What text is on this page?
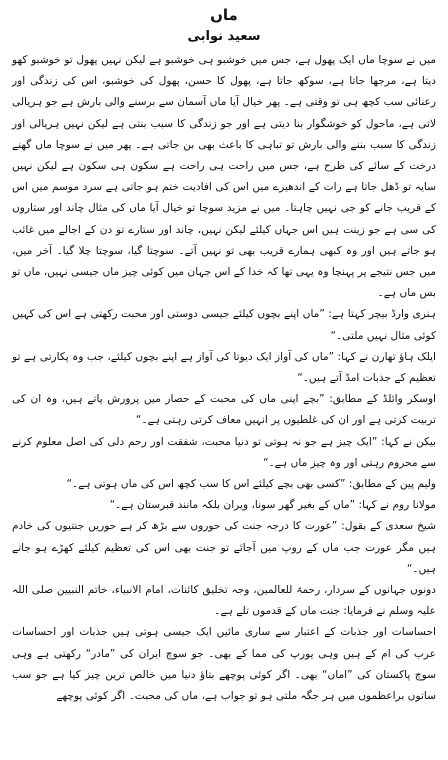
ماں
سعید نوابی

میں نے سوچا ماں ایک پھول ہے، جس میں خوشبو ہی خوشبو ہے لیکن نہیں پھول تو خوشبو کھو دیتا ہے، مرجھا جاتا ہے، سوکھ جاتا ہے، پھول کا حسن، پھول کی خوشبو، اس کی زندگی اور رعنائی سب کچھ ہی تو وقتی ہے۔ پھر خیال آیا ماں آسمان سے برسنے والی بارش ہے جو ہریالی لاتی ہے، ماحول کو خوشگوار بنا دیتی ہے اور جو زندگی کا سبب بنتی ہے لیکن نہیں ہریالی اور زندگی کا سبب بننے والی بارش تو تباہی کا باعث بھی بن جاتی ہے۔ پھر میں نے سوچا ماں گھنے درخت کے سائے کی طرح ہے، جس میں راحت ہی راحت ہے سکون ہی سکون ہے لیکن نہیں سایہ تو ڈھل جاتا ہے رات کے اندھیرے میں اس کی افادیت ختم ہو جاتی ہے سرد موسم میں اس کے قریب جانے کو جی نہیں چاہتا۔ میں نے مزید سوچا تو خیال آیا ماں کی مثال چاند اور ستاروں کی سی ہے جو زینت ہیں اس جہاں کیلئے لیکن نہیں، چاند اور ستارے تو دن کے اجالے میں غائب ہو جاتے ہیں اور وہ کبھی ہمارے قریب بھی تو نہیں آتے۔ سوچتا گیا، سوچتا چلا گیا۔ آخر میں، میں جس نتیجے پر پہنچا وہ یہی تھا کہ خدا کے اس جہان میں کوئی چیز ماں جیسی نہیں، ماں تو بس ماں ہے۔

ہنری وارڈ بیچر کہتا ہے: ”ماں اپنے بچوں کیلئے جیسی دوستی اور محبت رکھتی ہے اس کی کہیں کوئی مثال نہیں ملتی۔“

ایلک ہاؤ تھارن نے کہا: ”ماں کی آواز ایک دیوتا کی آواز ہے اپنے بچوں کیلئے، جب وہ پکارتی ہے تو تعظیم کے جذبات امڈ آتے ہیں۔“

اوسکر وائلڈ کے مطابق: ”بچے اپنی ماں کی محبت کے حصار میں پرورش پاتے ہیں، وہ ان کی تربیت کرتی ہے اور ان کی غلطیوں پر انہیں معاف کرتی رہتی ہے۔“

بیکن نے کہا: ”ایک چیز ہے جو نہ ہوتی تو دنیا محبت، شفقت اور رحم دلی کی اصل معلوم کرنے سے محروم رہتی اور وہ چیز ماں ہے۔“

ولیم پین کے مطابق: ”کسی بھی بچے کیلئے اس کا سب کچھ اس کی ماں ہوتی ہے۔“

مولانا روم نے کہا: ”ماں کے بغیر گھر سونا، ویران بلکہ مانند قبرستان ہے۔“

شیخ سعدی کے بقول: ”عورت کا درجہ جنت کی حوروں سے بڑھ کر ہے حوریں جنتیوں کی خادم ہیں مگر عورت جب ماں کے روپ میں آجائے تو جنت بھی اس کی تعظیم کیلئے کھڑے ہو جاتے ہیں۔“

دونوں جہانوں کے سردار، رحمۃ للعالمین، وجہ تخلیق کائنات، امام الانبیاء، خاتم النبیین صلی اللہ علیہ وسلم نے فرمایا: جنت ماں کے قدموں تلے ہے۔

احساسات اور جذبات کے اعتبار سے ساری مائیں ایک جیسی ہوتی ہیں جذبات اور احساسات عرب کی ام کے ہیں وہی یورپ کی مما کے بھی۔ جو سوچ ایران کی ”مادر“ رکھتی ہے وہی سوچ پاکستان کی ”اماں“ بھی۔ اگر کوئی پوچھے بتاؤ دنیا میں خالص ترین چیز کیا ہے جو سب ساتوں براعظموں میں ہر جگہ ملتی ہو تو جواب ہے، ماں کی محبت۔ اگر کوئی پوچھے
